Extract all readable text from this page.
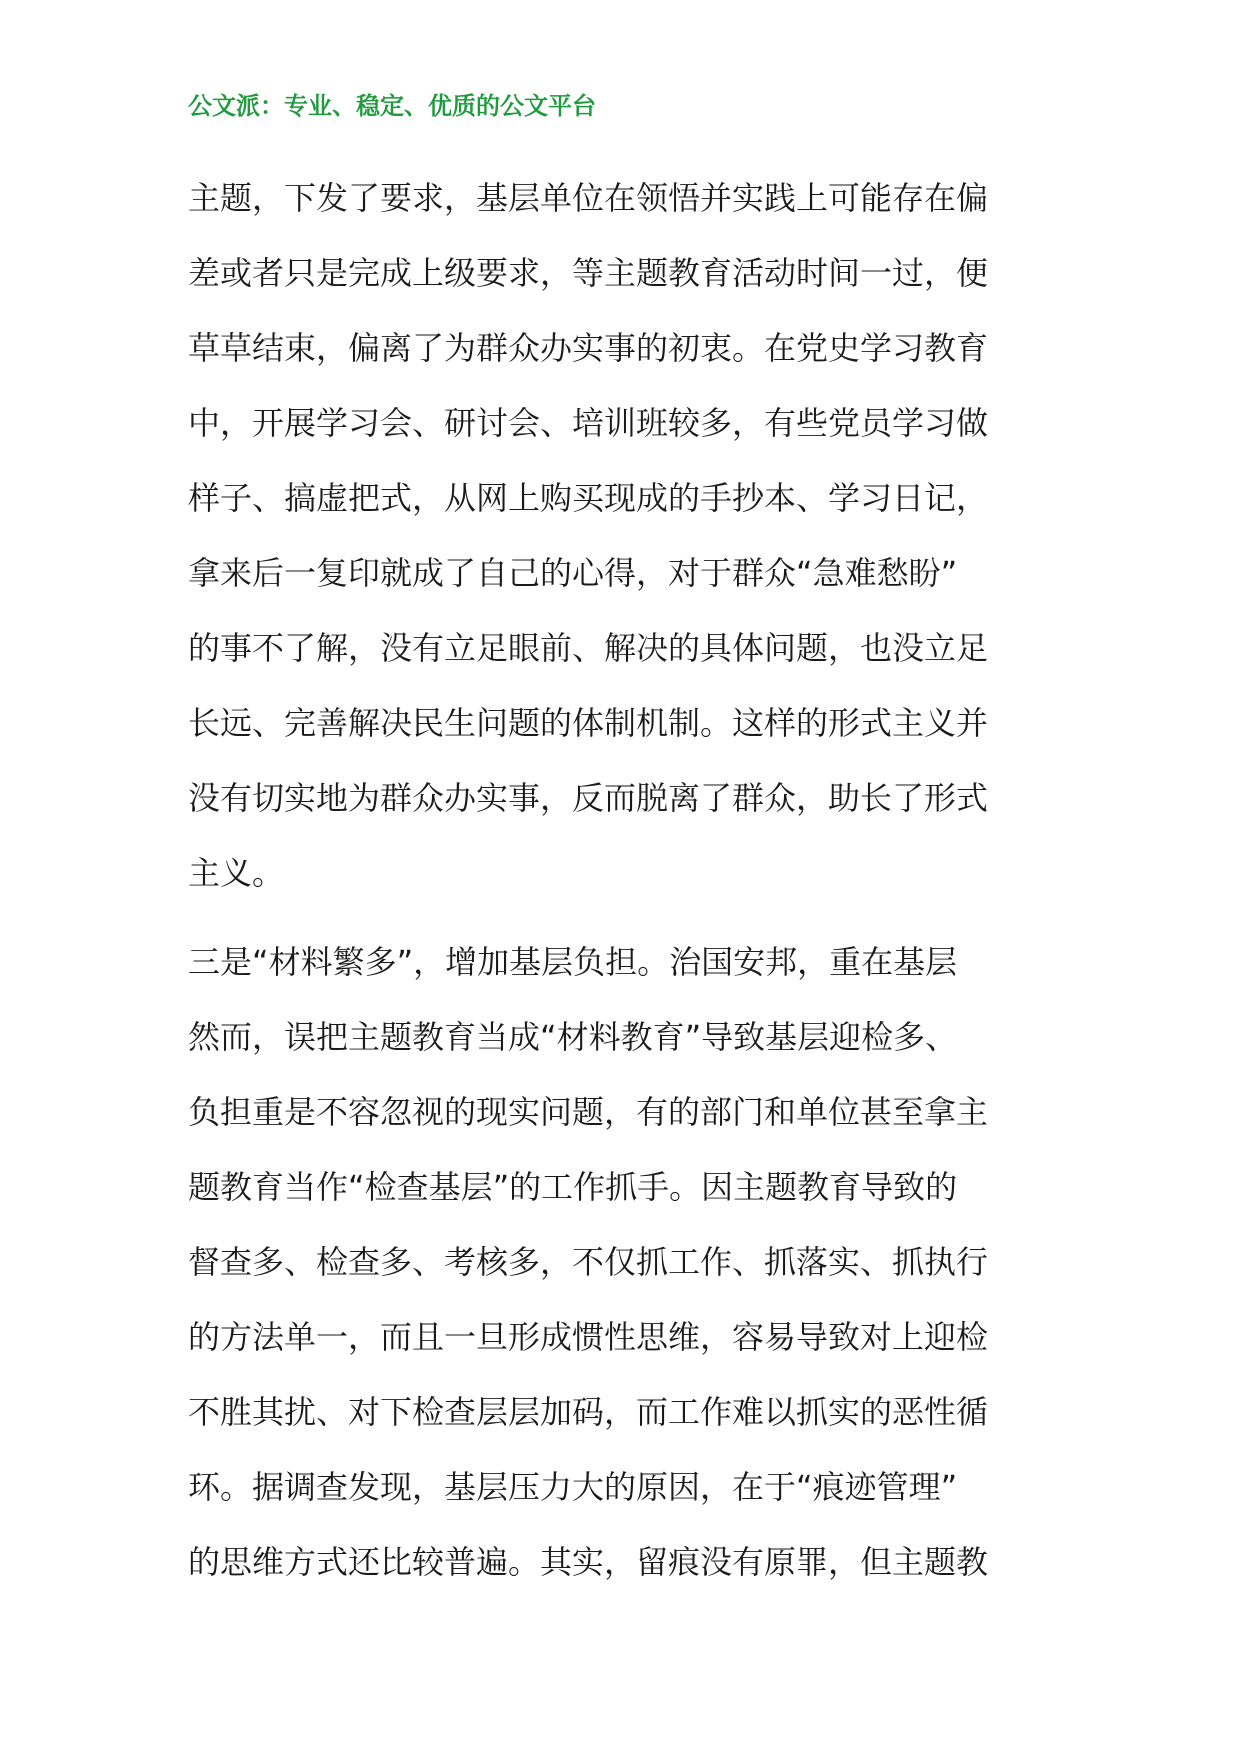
公文派：专业、稳定、优质的公文平台
主题，下发了要求，基层单位在领悟并实践上可能存在偏
差或者只是完成上级要求，等主题教育活动时间一过，便
草草结束，偏离了为群众办实事的初衷。在党史学习教育
中，开展学习会、研讨会、培训班较多，有些党员学习做
样子、搞虚把式，从网上购买现成的手抄本、学习日记，
拿来后一复印就成了自己的心得，对于群众“急难愁盼”
的事不了解，没有立足眼前、解决的具体问题，也没立足
长远、完善解决民生问题的体制机制。这样的形式主义并
没有切实地为群众办实事，反而脱离了群众，助长了形式
主义。
三是“材料繁多”，增加基层负担。治国安邦，重在基层
然而，误把主题教育当成“材料教育”导致基层迎检多、
负担重是不容忽视的现实问题，有的部门和单位甚至拿主
题教育当作“检查基层”的工作抓手。因主题教育导致的
督查多、检查多、考核多，不仅抓工作、抓落实、抓执行
的方法单一，而且一旦形成惯性思维，容易导致对上迎检
不胜其扰、对下检查层层加码，而工作难以抓实的恶性循
环。据调查发现，基层压力大的原因，在于“痕迹管理”
的思维方式还比较普遍。其实，留痕没有原罪，但主题教
